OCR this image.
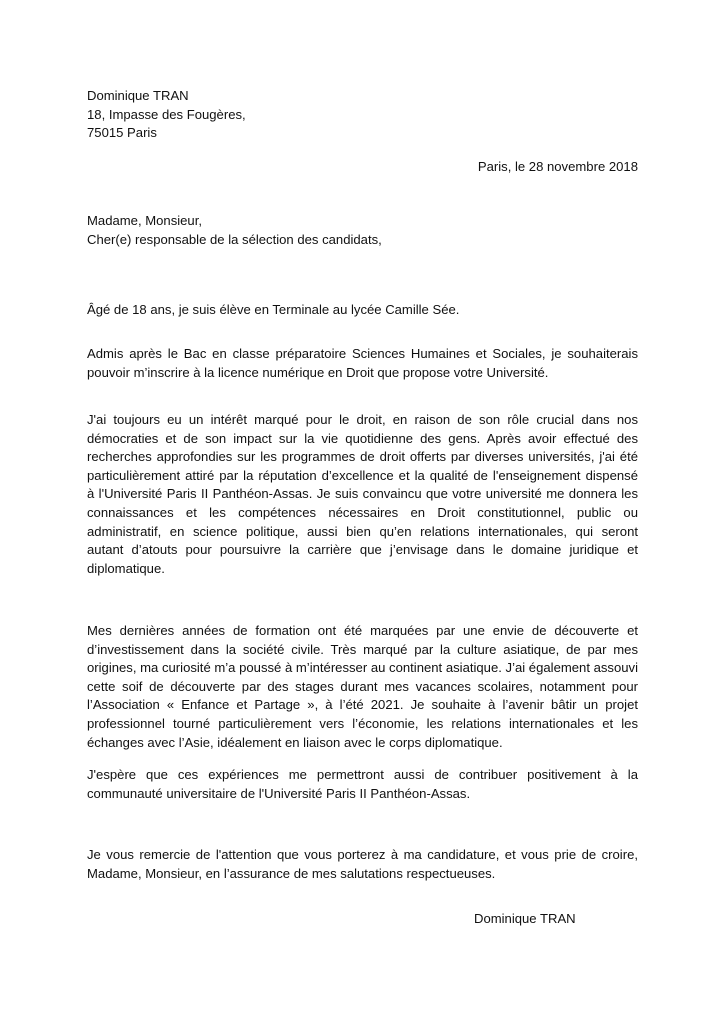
Dominique TRAN
18, Impasse des Fougères,
75015 Paris
Paris, le 28 novembre 2018
Madame, Monsieur,
Cher(e) responsable de la sélection des candidats,
Âgé de 18 ans, je suis élève en Terminale au lycée Camille Sée.
Admis après le Bac en classe préparatoire Sciences Humaines et Sociales, je souhaiterais
pouvoir m’inscrire à la licence numérique en Droit que propose votre Université.
J'ai toujours eu un intérêt marqué pour le droit, en raison de son rôle crucial dans nos
démocraties et de son impact sur la vie quotidienne des gens. Après avoir effectué des
recherches approfondies sur les programmes de droit offerts par diverses universités, j'ai été
particulièrement attiré par la réputation d’excellence et la qualité de l'enseignement dispensé
à l'Université Paris II Panthéon-Assas. Je suis convaincu que votre université me donnera les
connaissances et les compétences nécessaires en Droit constitutionnel, public ou
administratif, en science politique, aussi bien qu’en relations internationales, qui seront
autant d’atouts pour poursuivre la carrière que j’envisage dans le domaine juridique et
diplomatique.
Mes dernières années de formation ont été marquées par une envie de découverte et
d’investissement dans la société civile. Très marqué par la culture asiatique, de par mes
origines, ma curiosité m’a poussé à m’intéresser au continent asiatique. J’ai également assouvi
cette soif de découverte par des stages durant mes vacances scolaires, notamment pour
l’Association « Enfance et Partage », à l’été 2021. Je souhaite à l’avenir bâtir un projet
professionnel tourné particulièrement vers l’économie, les relations internationales et les
échanges avec l’Asie, idéalement en liaison avec le corps diplomatique.
J'espère que ces expériences me permettront aussi de contribuer positivement à la
communauté universitaire de l'Université Paris II Panthéon-Assas.
Je vous remercie de l'attention que vous porterez à ma candidature, et vous prie de croire,
Madame, Monsieur, en l’assurance de mes salutations respectueuses.
Dominique TRAN
